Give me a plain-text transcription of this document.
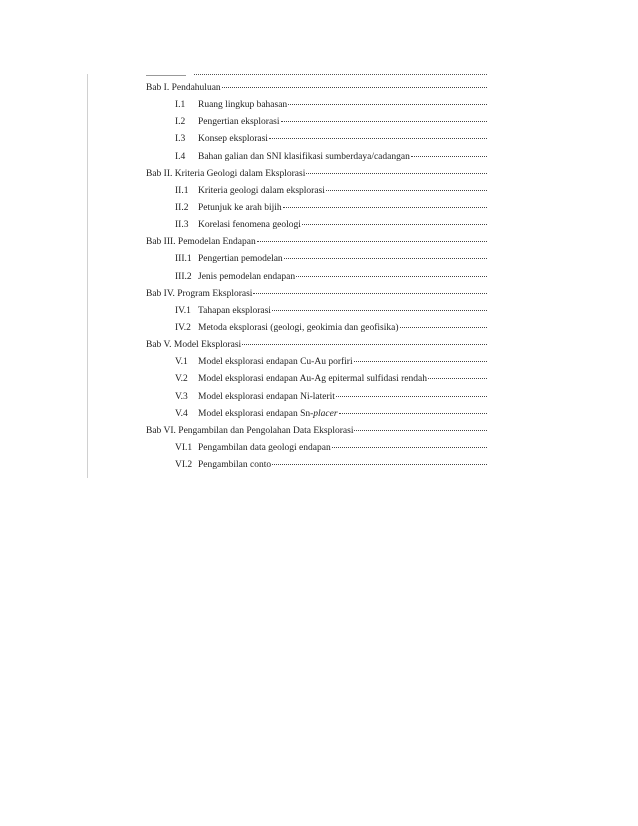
Bab I. Pendahuluan
I.1	Ruang lingkup bahasan
I.2	Pengertian eksplorasi
I.3	Konsep eksplorasi
I.4	Bahan galian dan SNI klasifikasi sumberdaya/cadangan
Bab II. Kriteria Geologi dalam Eksplorasi
II.1	Kriteria geologi dalam eksplorasi
II.2	Petunjuk ke arah bijih
II.3	Korelasi fenomena geologi
Bab III. Pemodelan Endapan
III.1 Pengertian pemodelan
III.2 Jenis pemodelan endapan
Bab IV. Program Eksplorasi
IV.1 Tahapan eksplorasi
IV.2 Metoda eksplorasi (geologi, geokimia dan geofisika)
Bab V. Model Eksplorasi
V.1	Model eksplorasi endapan Cu-Au porfiri
V.2	Model eksplorasi endapan Au-Ag epitermal sulfidasi rendah
V.3	Model eksplorasi endapan Ni-laterit
V.4	Model eksplorasi endapan Sn-placer
Bab VI. Pengambilan dan Pengolahan Data Eksplorasi
VI.1 Pengambilan data geologi endapan
VI.2 Pengambilan conto
